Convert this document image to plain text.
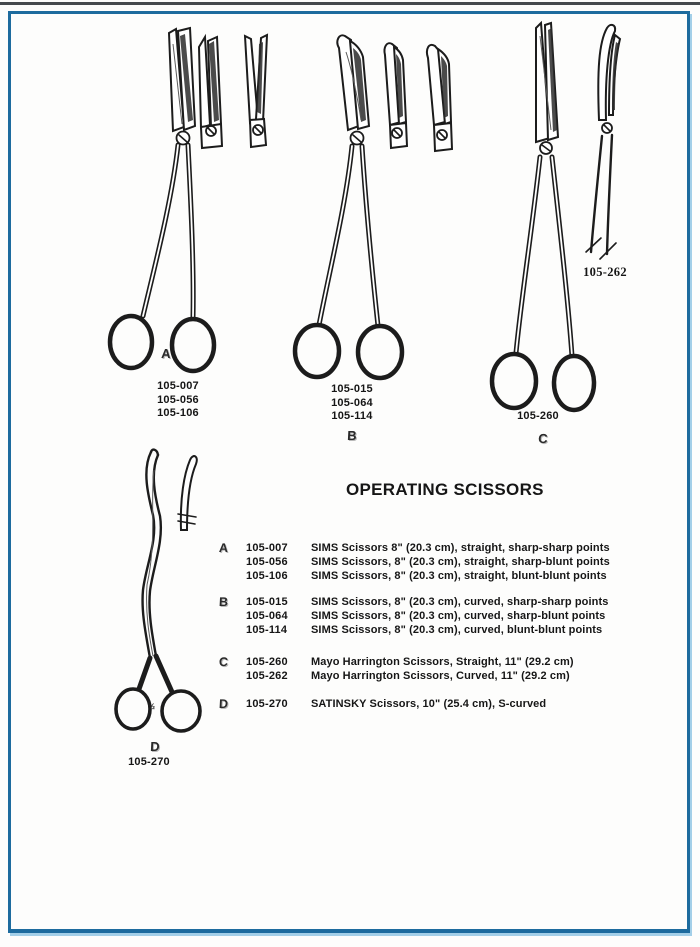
A
105-007
105-056
105-106
105-015
105-064
105-114
B
105-260
C
105-262
½
D
105-270
OPERATING SCISSORS
A	105-007	SIMS Scissors 8" (20.3 cm), straight, sharp-sharp points
105-056	SIMS Scissors, 8" (20.3 cm), straight, sharp-blunt points
105-106	SIMS Scissors, 8" (20.3 cm), straight, blunt-blunt points
B	105-015	SIMS Scissors, 8" (20.3 cm), curved, sharp-sharp points
105-064	SIMS Scissors, 8" (20.3 cm), curved, sharp-blunt points
105-114	SIMS Scissors, 8" (20.3 cm), curved, blunt-blunt points
C	105-260	Mayo Harrington Scissors, Straight, 11" (29.2 cm)
105-262	Mayo Harrington Scissors, Curved, 11" (29.2 cm)
D	105-270	SATINSKY Scissors, 10" (25.4 cm), S-curved
